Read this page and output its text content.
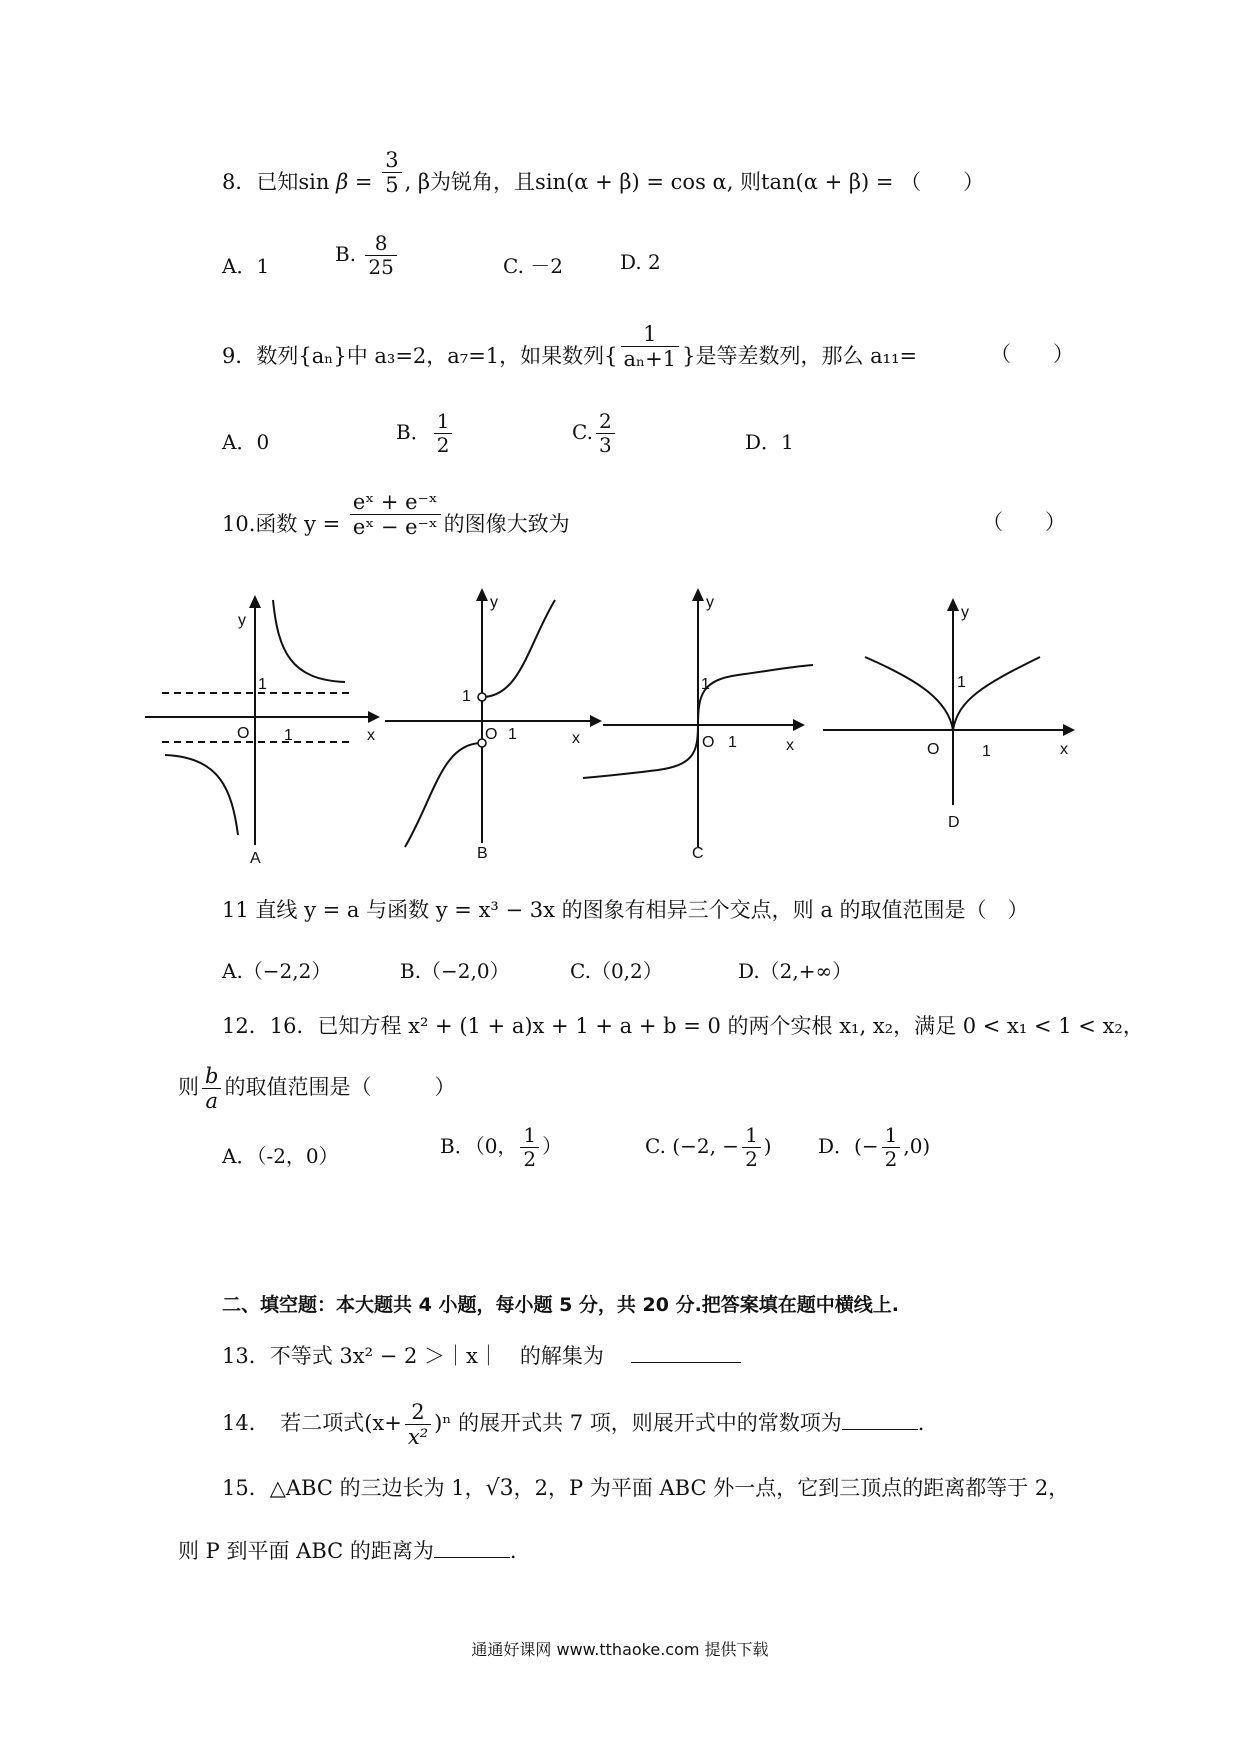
8．已知$\sin \beta = \frac{3}{5}$ , β为锐角，且sin(α + β) = cos α, 则tan(α + β) = （　　）
A．1	B. $\frac{8}{25}$	C. －2	D. 2
9．数列{aₙ}中 a₃=2，a₇=1，如果数列{ $\frac{1}{\text{aₙ+1}}$ }是等差数列，那么 a₁₁=	（　　）
A．0	B． $\frac{1}{2}$	C. $\frac{2}{3}$	D．1
10.函数 $y = \frac{\text{eˣ + e⁻ˣ}}{\text{eˣ − e⁻ˣ}}$ 的图像大致为	（　　）
y
1
O 1	x
A
y
1
O 1	x
B
y
1
O 1	x
C
y
1
O	1	x
D
11 直线 y = a 与函数 y = x³ − 3x 的图象有相异三个交点，则 a 的取值范围是（　）
A.（−2,2）	B.（−2,0）	C.（0,2）	D.（2,+∞）
12．16．已知方程 x² + (1 + a)x + 1 + a + b = 0 的两个实根 x₁, x₂，满足 0 < x₁ < 1 < x₂，
则 $\frac{b}{a}$ 的取值范围是（　　　）
A．（-2，0）	B．（0， $\frac{1}{2}$ ）	C. (−2, − $\frac{1}{2}$ ) D．(− $\frac{1}{2} ,0$)
二、填空题：本大题共 4 小题，每小题 5 分，共 20 分.把答案填在题中横线上.
13．不等式 3x² − 2 ＞｜x｜　的解集为
14．　若二项式$(x+ \frac{2}{\text{x²}} )^n$ 的展开式共 7 项，则展开式中的常数项为	.
15．△ABC 的三边长为 1，√3，2，P 为平面 ABC 外一点，它到三顶点的距离都等于 2，
则 P 到平面 ABC 的距离为	.
通通好课网 www.tthaoke.com 提供下载
